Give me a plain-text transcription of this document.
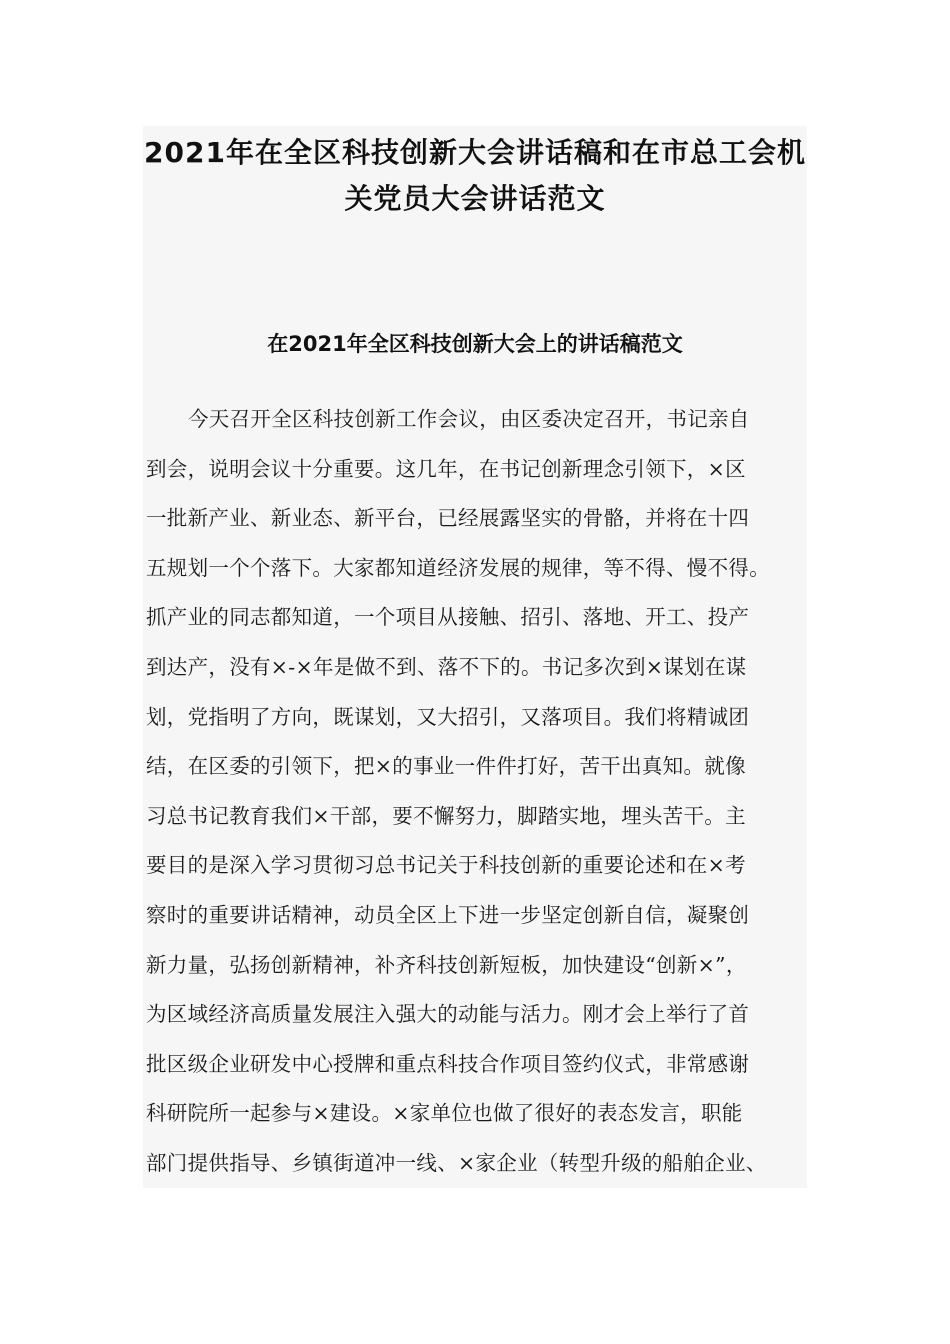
2021年在全区科技创新大会讲话稿和在市总工会机
关党员大会讲话范文
在2021年全区科技创新大会上的讲话稿范文
今天召开全区科技创新工作会议，由区委决定召开，书记亲自
到会，说明会议十分重要。这几年，在书记创新理念引领下，×区
一批新产业、新业态、新平台，已经展露坚实的骨骼，并将在十四
五规划一个个落下。大家都知道经济发展的规律，等不得、慢不得。
抓产业的同志都知道，一个项目从接触、招引、落地、开工、投产
到达产，没有×-×年是做不到、落不下的。书记多次到×谋划在谋
划，党指明了方向，既谋划，又大招引，又落项目。我们将精诚团
结，在区委的引领下，把×的事业一件件打好，苦干出真知。就像
习总书记教育我们×干部，要不懈努力，脚踏实地，埋头苦干。主
要目的是深入学习贯彻习总书记关于科技创新的重要论述和在×考
察时的重要讲话精神，动员全区上下进一步坚定创新自信，凝聚创
新力量，弘扬创新精神，补齐科技创新短板，加快建设“创新×”，
为区域经济高质量发展注入强大的动能与活力。刚才会上举行了首
批区级企业研发中心授牌和重点科技合作项目签约仪式，非常感谢
科研院所一起参与×建设。×家单位也做了很好的表态发言，职能
部门提供指导、乡镇街道冲一线、×家企业（转型升级的船舶企业、
